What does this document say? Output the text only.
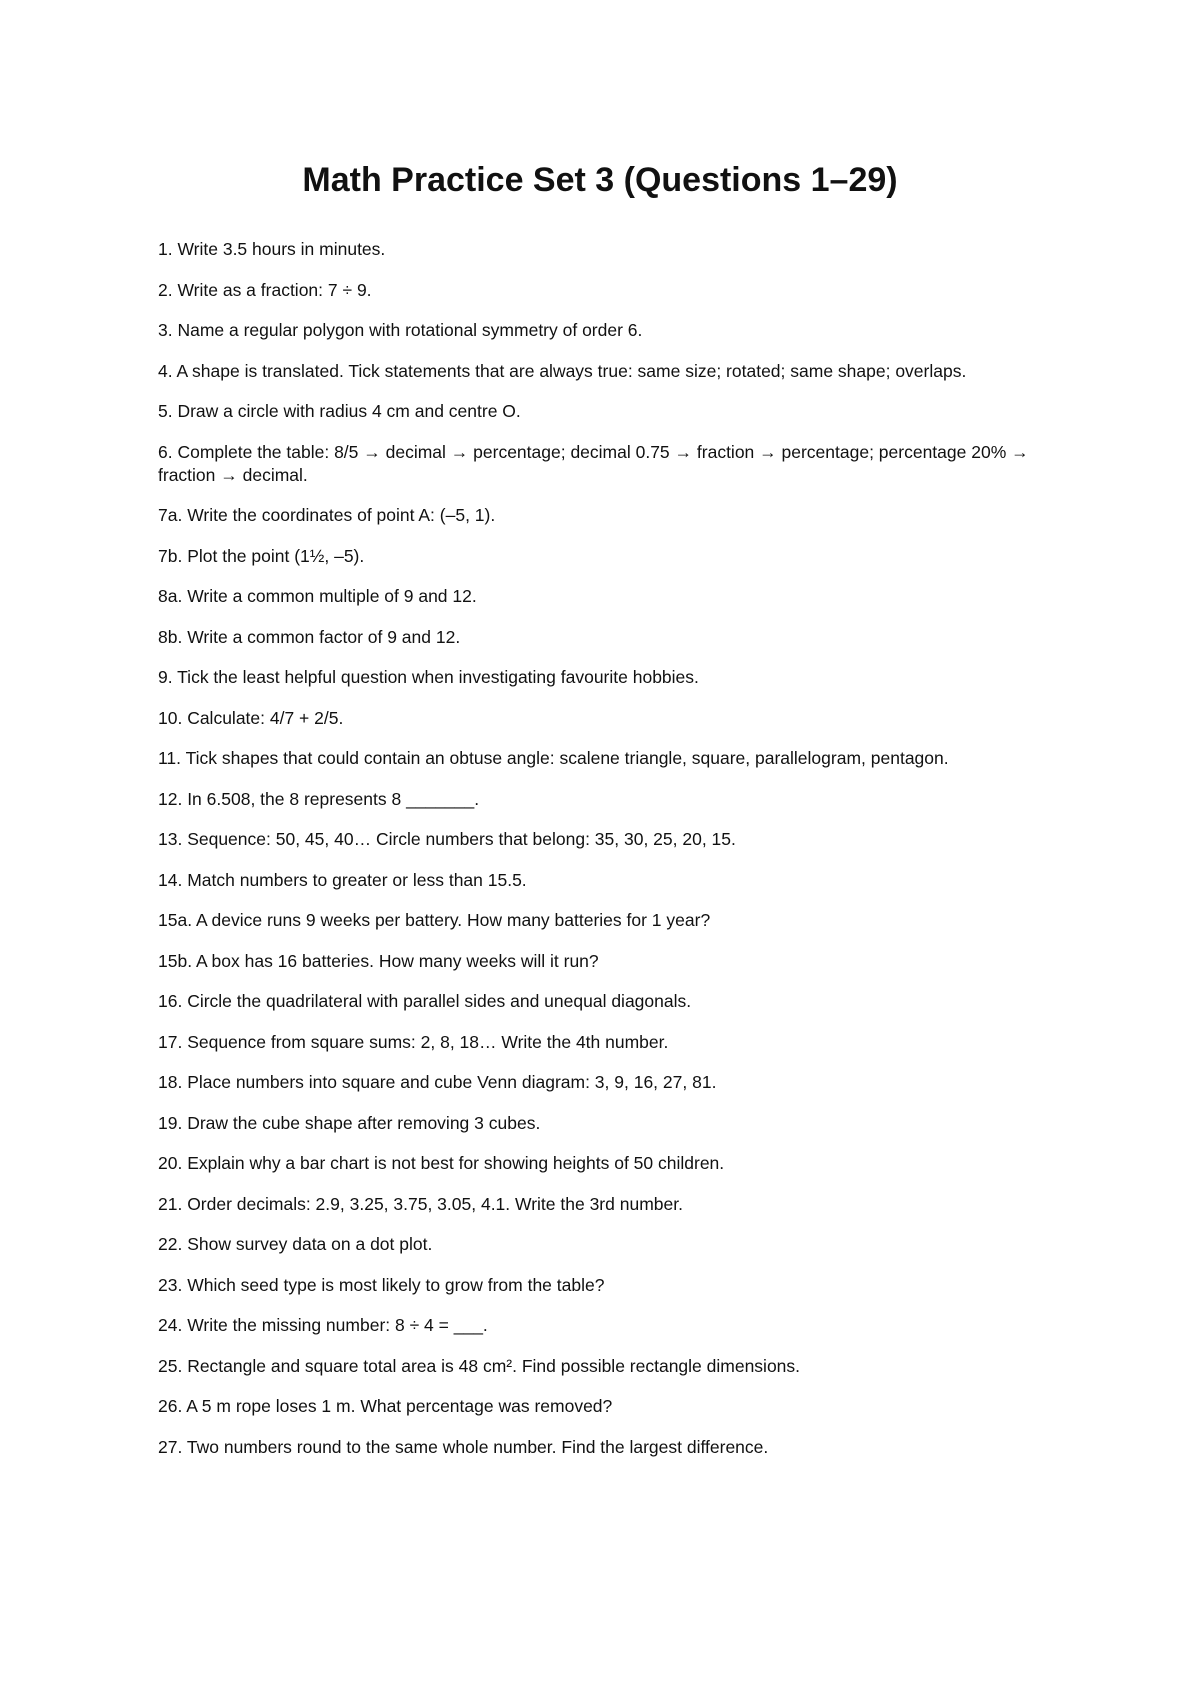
Math Practice Set 3 (Questions 1–29)
1. Write 3.5 hours in minutes.
2. Write as a fraction: 7 ÷ 9.
3. Name a regular polygon with rotational symmetry of order 6.
4. A shape is translated. Tick statements that are always true: same size; rotated; same shape; overlaps.
5. Draw a circle with radius 4 cm and centre O.
6. Complete the table: 8/5 → decimal → percentage; decimal 0.75 → fraction → percentage; percentage 20% → fraction → decimal.
7a. Write the coordinates of point A: (–5, 1).
7b. Plot the point (1½, –5).
8a. Write a common multiple of 9 and 12.
8b. Write a common factor of 9 and 12.
9. Tick the least helpful question when investigating favourite hobbies.
10. Calculate: 4/7 + 2/5.
11. Tick shapes that could contain an obtuse angle: scalene triangle, square, parallelogram, pentagon.
12. In 6.508, the 8 represents 8 _______.
13. Sequence: 50, 45, 40… Circle numbers that belong: 35, 30, 25, 20, 15.
14. Match numbers to greater or less than 15.5.
15a. A device runs 9 weeks per battery. How many batteries for 1 year?
15b. A box has 16 batteries. How many weeks will it run?
16. Circle the quadrilateral with parallel sides and unequal diagonals.
17. Sequence from square sums: 2, 8, 18… Write the 4th number.
18. Place numbers into square and cube Venn diagram: 3, 9, 16, 27, 81.
19. Draw the cube shape after removing 3 cubes.
20. Explain why a bar chart is not best for showing heights of 50 children.
21. Order decimals: 2.9, 3.25, 3.75, 3.05, 4.1. Write the 3rd number.
22. Show survey data on a dot plot.
23. Which seed type is most likely to grow from the table?
24. Write the missing number: 8 ÷ 4 = ___.
25. Rectangle and square total area is 48 cm². Find possible rectangle dimensions.
26. A 5 m rope loses 1 m. What percentage was removed?
27. Two numbers round to the same whole number. Find the largest difference.
